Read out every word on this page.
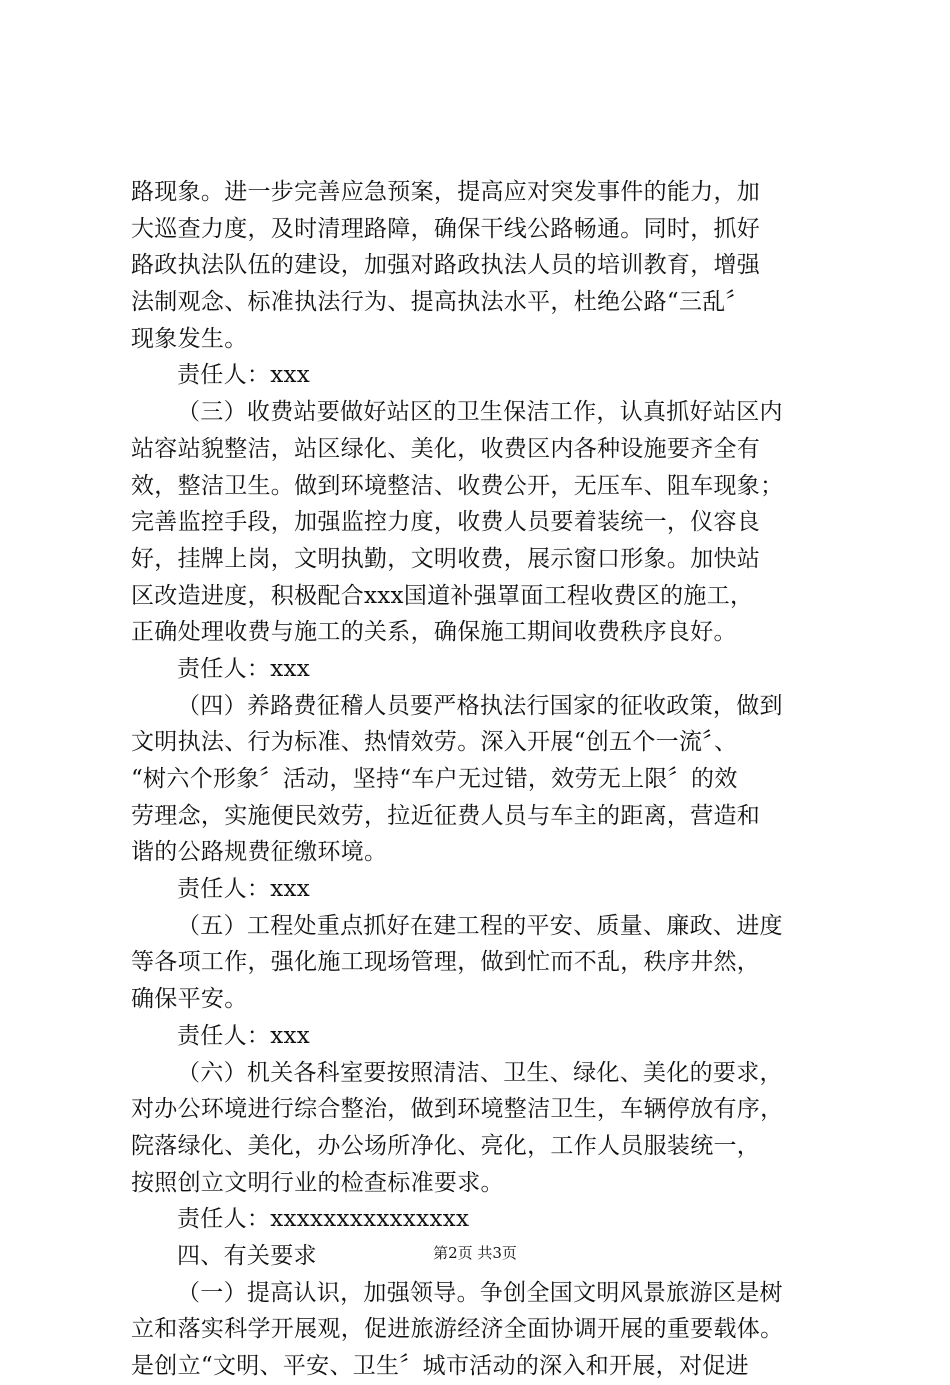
路现象。进一步完善应急预案，提高应对突发事件的能力，加
大巡查力度，及时清理路障，确保干线公路畅通。同时，抓好
路政执法队伍的建设，加强对路政执法人员的培训教育，增强
法制观念、标准执法行为、提高执法水平，杜绝公路“三乱〞
现象发生。
责任人：xxx
（三）收费站要做好站区的卫生保洁工作，认真抓好站区内
站容站貌整洁，站区绿化、美化，收费区内各种设施要齐全有
效，整洁卫生。做到环境整洁、收费公开，无压车、阻车现象；
完善监控手段，加强监控力度，收费人员要着装统一，仪容良
好，挂牌上岗，文明执勤，文明收费，展示窗口形象。加快站
区改造进度，积极配合xxx国道补强罩面工程收费区的施工，
正确处理收费与施工的关系，确保施工期间收费秩序良好。
责任人：xxx
（四）养路费征稽人员要严格执法行国家的征收政策，做到
文明执法、行为标准、热情效劳。深入开展“创五个一流〞、
“树六个形象〞活动，坚持“车户无过错，效劳无上限〞的效
劳理念，实施便民效劳，拉近征费人员与车主的距离，营造和
谐的公路规费征缴环境。
责任人：xxx
（五）工程处重点抓好在建工程的平安、质量、廉政、进度
等各项工作，强化施工现场管理，做到忙而不乱，秩序井然，
确保平安。
责任人：xxx
（六）机关各科室要按照清洁、卫生、绿化、美化的要求，
对办公环境进行综合整治，做到环境整洁卫生，车辆停放有序，
院落绿化、美化，办公场所净化、亮化，工作人员服装统一，
按照创立文明行业的检查标准要求。
责任人：xxxxxxxxxxxxxxx
四、有关要求
（一）提高认识，加强领导。争创全国文明风景旅游区是树
立和落实科学开展观，促进旅游经济全面协调开展的重要载体。
是创立“文明、平安、卫生〞城市活动的深入和开展，对促进
第2页 共3页
